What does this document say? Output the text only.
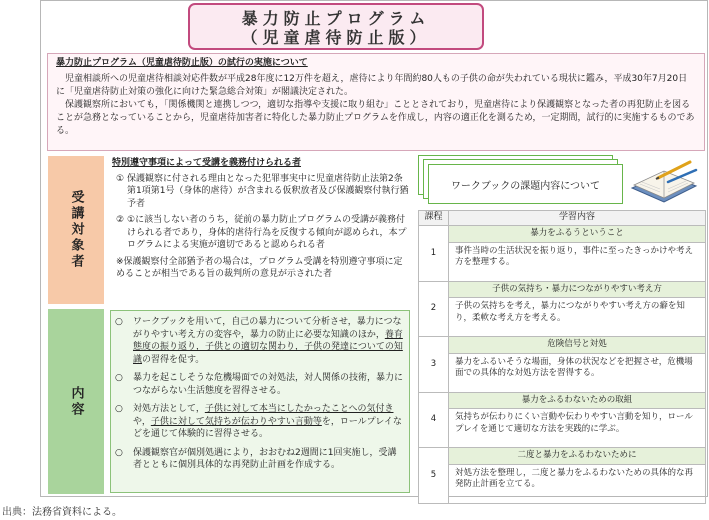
暴力防止プログラム
（児童虐待防止版）
暴力防止プログラム（児童虐待防止版）の試行の実施について

児童相談所への児童虐待相談対応件数が平成28年度に12万件を超え，虐待により年間約80人もの子供の命が失われている現状に鑑み，平成30年7月20日に「児童虐待防止対策の強化に向けた緊急総合対策」が閣議決定された。

保護観察所においても，「関係機関と連携しつつ，適切な指導や支援に取り組む」こととされており，児童虐待により保護観察となった者の再犯防止を図ることが急務となっていることから，児童虐待加害者に特化した暴力防止プログラムを作成し，内容の適正化を測るため，一定期間，試行的に実施するものである。

受講対象者
特別遵守事項によって受講を義務付けられる者
① 保護観察に付される理由となった犯罪事実中に児童虐待防止法第2条第1項第1号（身体的虐待）が含まれる仮釈放者及び保護観察付執行猶予者
② ①に該当しない者のうち，従前の暴力防止プログラムの受講が義務付けられる者であり，身体的虐待行為を反復する傾向が認められ，本プログラムによる実施が適切であると認められる者
※保護観察付全部猶予者の場合は，プログラム受講を特別遵守事項に定めることが相当である旨の裁判所の意見が示された者
内容
○	ワークブックを用いて，自己の暴力について分析させ，暴力につながりやすい考え方の変容や，暴力の防止に必要な知識のほか，養育態度の振り返り，子供との適切な関わり，子供の発達についての知識の習得を促す。
○	暴力を起こしそうな危機場面での対処法，対人関係の技術，暴力につながらない生活態度を習得させる。
○	対処方法として，子供に対して本当にしたかったことへの気付きや，子供に対して気持ちが伝わりやすい言動等を，ロールプレイなどを通じて体験的に習得させる。
○	保護観察官が個別処遇により，おおむね2週間に1回実施し，受講者とともに個別具体的な再発防止計画を作成する。
ワークブックの課題内容について
課程	学習内容
1	暴力をふるうということ
	事件当時の生活状況を振り返り，事件に至ったきっかけや考え方を整理する。
2	子供の気持ち・暴力につながりやすい考え方
	子供の気持ちを考え，暴力につながりやすい考え方の癖を知り，柔軟な考え方を考える。
3	危険信号と対処
	暴力をふるいそうな場面，身体の状況などを把握させ，危機場面での具体的な対処方法を習得する。
4	暴力をふるわないための取組
	気持ちが伝わりにくい言動や伝わりやすい言動を知り，ロールプレイを通じて適切な方法を実践的に学ぶ。
5	二度と暴力をふるわないために
	対処方法を整理し，二度と暴力をふるわないための具体的な再発防止計画を立てる。
出典：法務省資料による。
